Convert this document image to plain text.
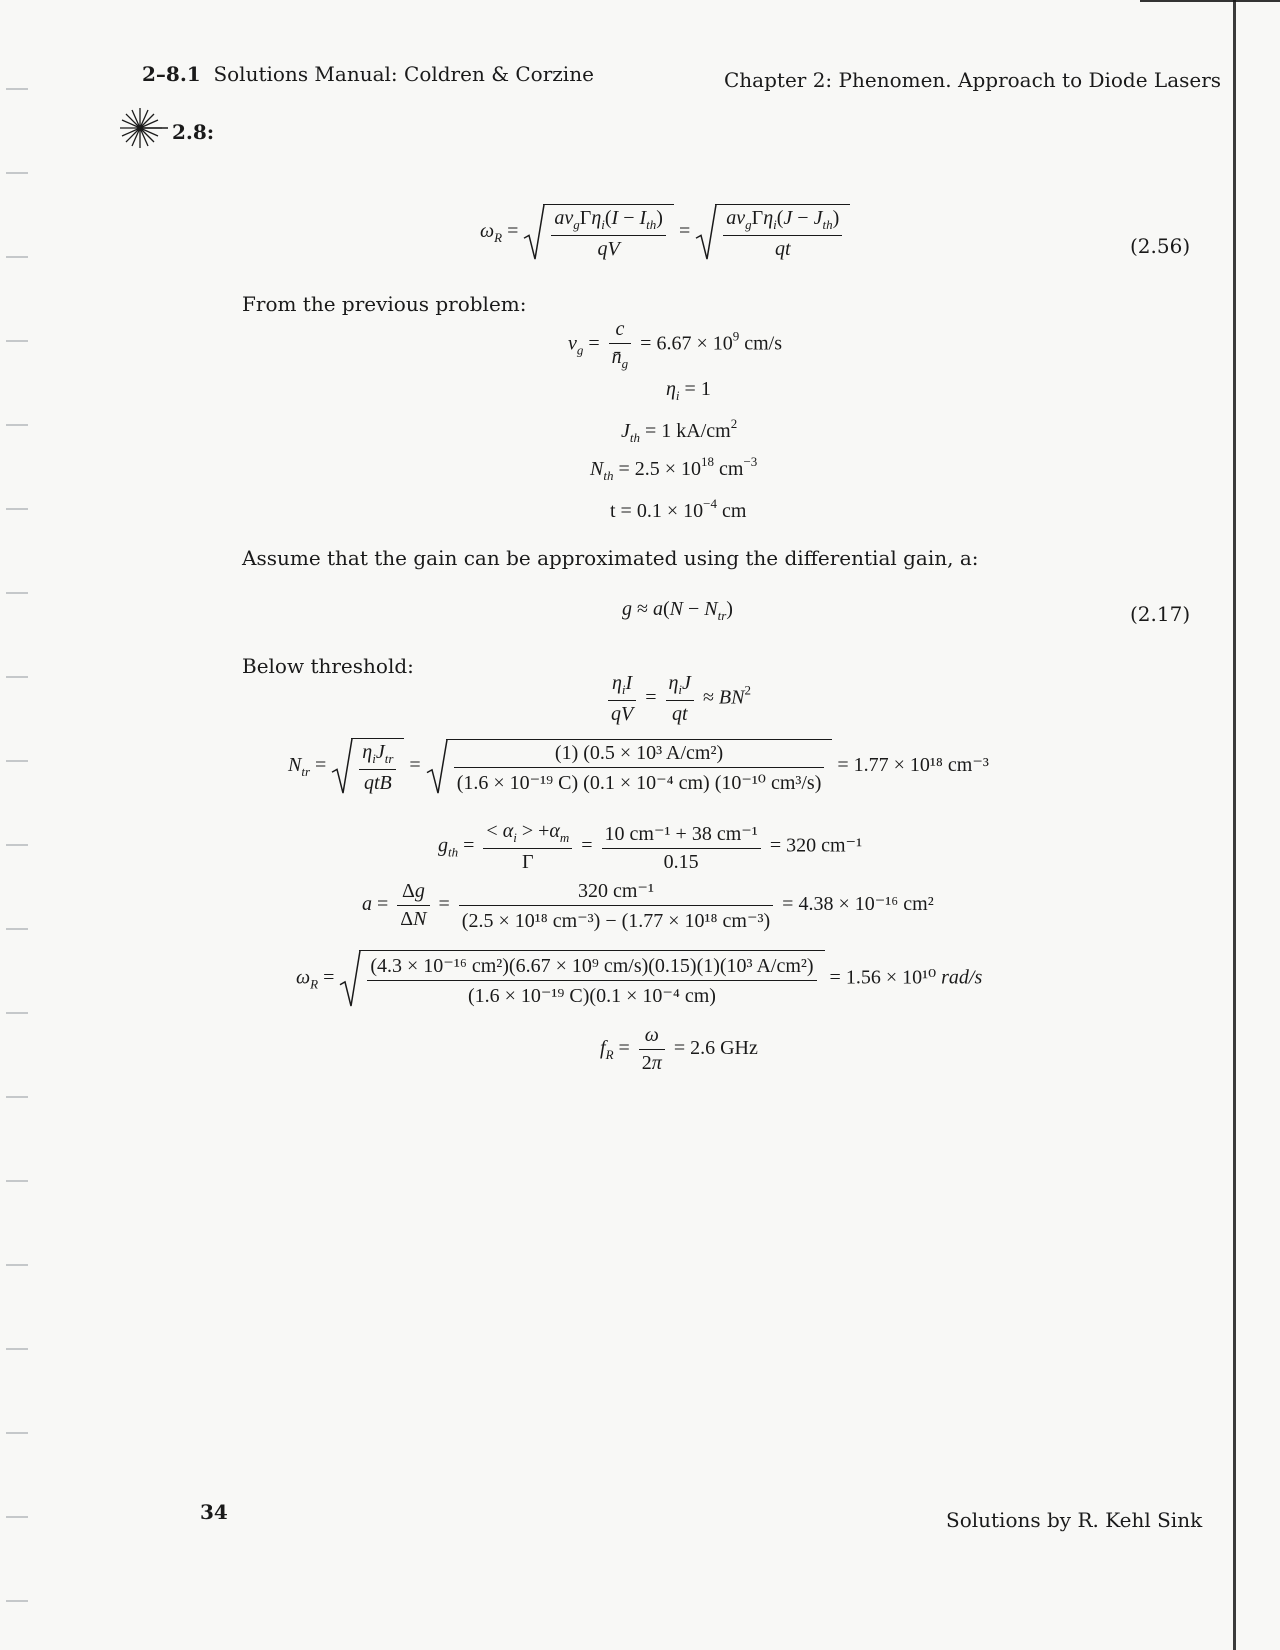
2–8.1 Solutions Manual: Coldren & Corzine	Chapter 2: Phenomen. Approach to Diode Lasers
2.8:
$\omega_R = \frac{av_g\Gamma\eta_i(I - I_{th})}{qV} = \frac{av_g\Gamma\eta_i(J - J_{th})}{qt}$	(2.56)
From the previous problem:
$v_g = \frac{c}{n̄_g} = 6.67 \times 10^9$ cm/s
$\eta_i = 1$
$J_{th} = 1$ $kA/cm^2$
$N_{th} = 2.5 \times 10^{18}$ $cm^{-3}$
$t = 0.1 \times 10^{-4}$ cm
Assume that the gain can be approximated using the differential gain, a:
$g \approx a(N - N_{tr})$	(2.17)
Below threshold:
$\frac{\eta_iI}{qV} = \frac{\eta_iJ}{qt} \approx BN^2$
$N_{tr} = \frac{\eta_iJ_{tr}}{\text{qtB}} = \frac{\text{(1) (0.5 × 10³ A/cm²)}}{\text{(1.6 × 10⁻¹⁹ C) (0.1 × 10⁻⁴ cm) (10⁻¹⁰ cm³/s)}} = 1.77 \times 10^{18}$ cm⁻³
$g_{th} = \frac{< \alpha_i > +\alpha_m}{\Gamma} = \frac{\text{10 cm⁻¹ + 38 cm⁻¹}}{0.15} = 320$ cm⁻¹
$a = \frac{\Delta g}{\Delta N} = \frac{\text{320 cm⁻¹}}{\text{(2.5 × 10¹⁸ cm⁻³) − (1.77 × 10¹⁸ cm⁻³)}} = 4.38 \times 10^{-16}$ cm²
$\omega_R = \frac{\text{(4.3 × 10⁻¹⁶ cm²)(6.67 × 10⁹ cm/s)(0.15)(1)(10³ A/cm²)}}{\text{(1.6 × 10⁻¹⁹ C)(0.1 × 10⁻⁴ cm)}} = 1.56 \times 10^{10}$ rad/s
$f_R = \frac{\omega}{2\pi} = 2.6$ GHz
34	Solutions by R. Kehl Sink
